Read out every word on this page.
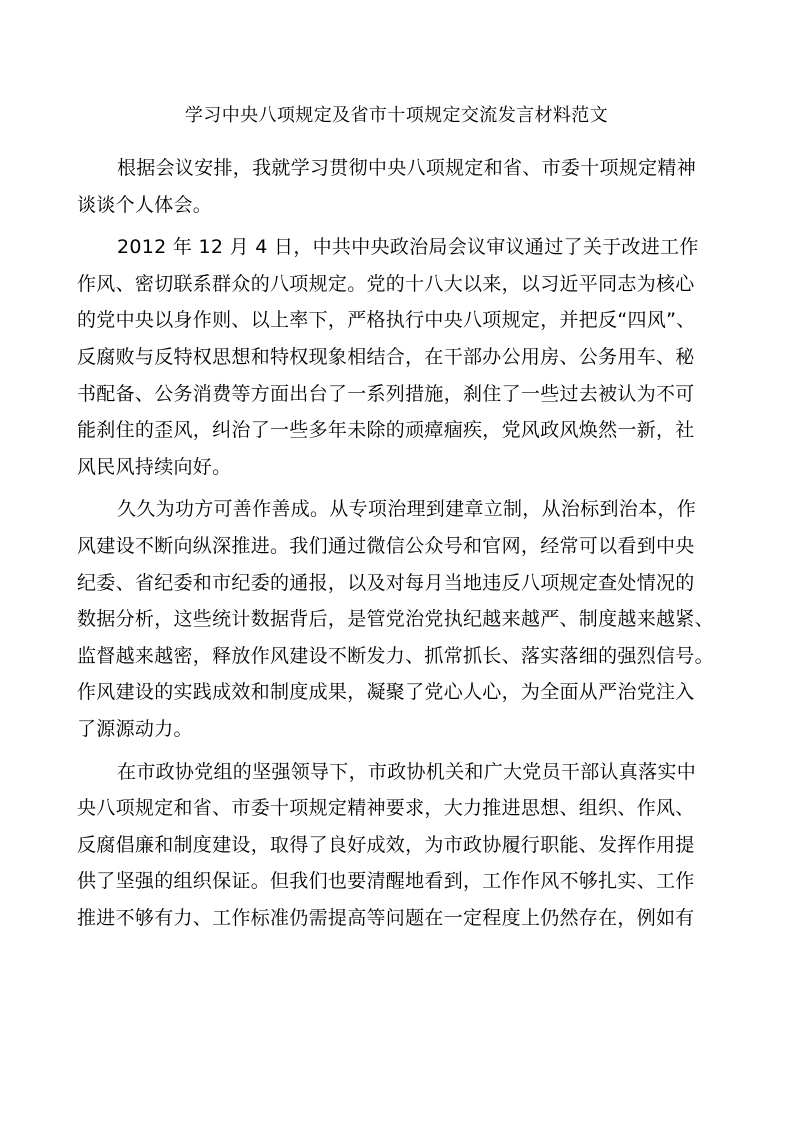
学习中央八项规定及省市十项规定交流发言材料范文
根据会议安排，我就学习贯彻中央八项规定和省、市委十项规定精神
谈谈个人体会。
2012 年 12 月 4 日，中共中央政治局会议审议通过了关于改进工作
作风、密切联系群众的八项规定。党的十八大以来，以习近平同志为核心
的党中央以身作则、以上率下，严格执行中央八项规定，并把反“四风”、
反腐败与反特权思想和特权现象相结合，在干部办公用房、公务用车、秘
书配备、公务消费等方面出台了一系列措施，刹住了一些过去被认为不可
能刹住的歪风，纠治了一些多年未除的顽瘴痼疾，党风政风焕然一新，社
风民风持续向好。
久久为功方可善作善成。从专项治理到建章立制，从治标到治本，作
风建设不断向纵深推进。我们通过微信公众号和官网，经常可以看到中央
纪委、省纪委和市纪委的通报，以及对每月当地违反八项规定查处情况的
数据分析，这些统计数据背后，是管党治党执纪越来越严、制度越来越紧、
监督越来越密，释放作风建设不断发力、抓常抓长、落实落细的强烈信号。
作风建设的实践成效和制度成果，凝聚了党心人心，为全面从严治党注入
了源源动力。
在市政协党组的坚强领导下，市政协机关和广大党员干部认真落实中
央八项规定和省、市委十项规定精神要求，大力推进思想、组织、作风、
反腐倡廉和制度建设，取得了良好成效，为市政协履行职能、发挥作用提
供了坚强的组织保证。但我们也要清醒地看到，工作作风不够扎实、工作
推进不够有力、工作标准仍需提高等问题在一定程度上仍然存在，例如有
